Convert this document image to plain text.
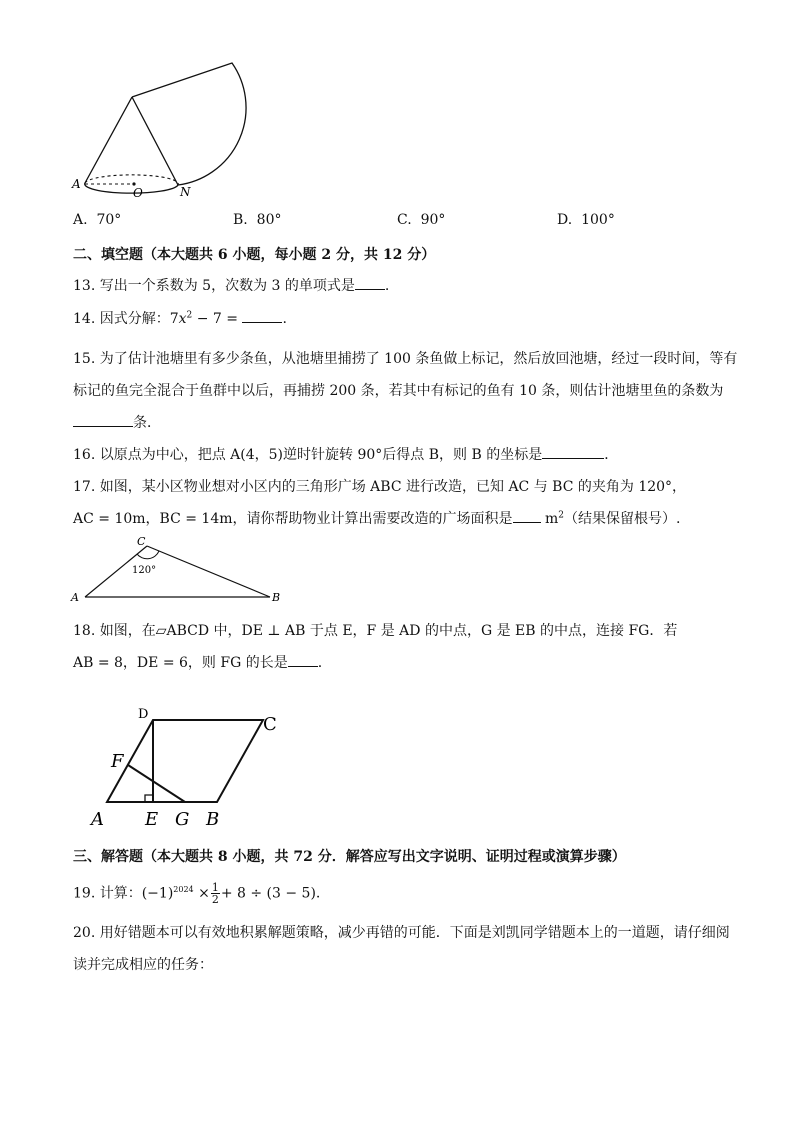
A
O	N
A. 70°	B. 80°	C. 90°	D. 100°
二、填空题（本大题共 6 小题，每小题 2 分，共 12 分）
13. 写出一个系数为 5，次数为 3 的单项式是 .
14. 因式分解：$7x^2 - 7$ =	.
15. 为了估计池塘里有多少条鱼，从池塘里捕捞了 100 条鱼做上标记，然后放回池塘，经过一段时间，等有
标记的鱼完全混合于鱼群中以后，再捕捞 200 条，若其中有标记的鱼有 10 条，则估计池塘里鱼的条数为
条．
16. 以原点为中心，把点 A(4，5)逆时针旋转 90°后得点 B，则 B 的坐标是	．
17. 如图，某小区物业想对小区内的三角形广场 ABC 进行改造，已知 AC 与 BC 的夹角为 120°，
AC = 10m，BC = 14m，请你帮助物业计算出需要改造的广场面积是 $m^2$（结果保留根号）.
C
A	B
120°
18. 如图，在▱ABCD 中，DE ⊥ AB 于点 E，F 是 AD 的中点，G 是 EB 的中点，连接 FG．若
AB = 8，DE = 6，则 FG 的长是 .
D	C
F
A E G B
三、解答题（本大题共 8 小题，共 72 分．解答应写出文字说明、证明过程或演算步骤）
19. 计算：$(-1)^{2024} \times \frac{1}{2} + 8 \div (3 - 5)$.
20. 用好错题本可以有效地积累解题策略，减少再错的可能．下面是刘凯同学错题本上的一道题，请仔细阅
读并完成相应的任务：
